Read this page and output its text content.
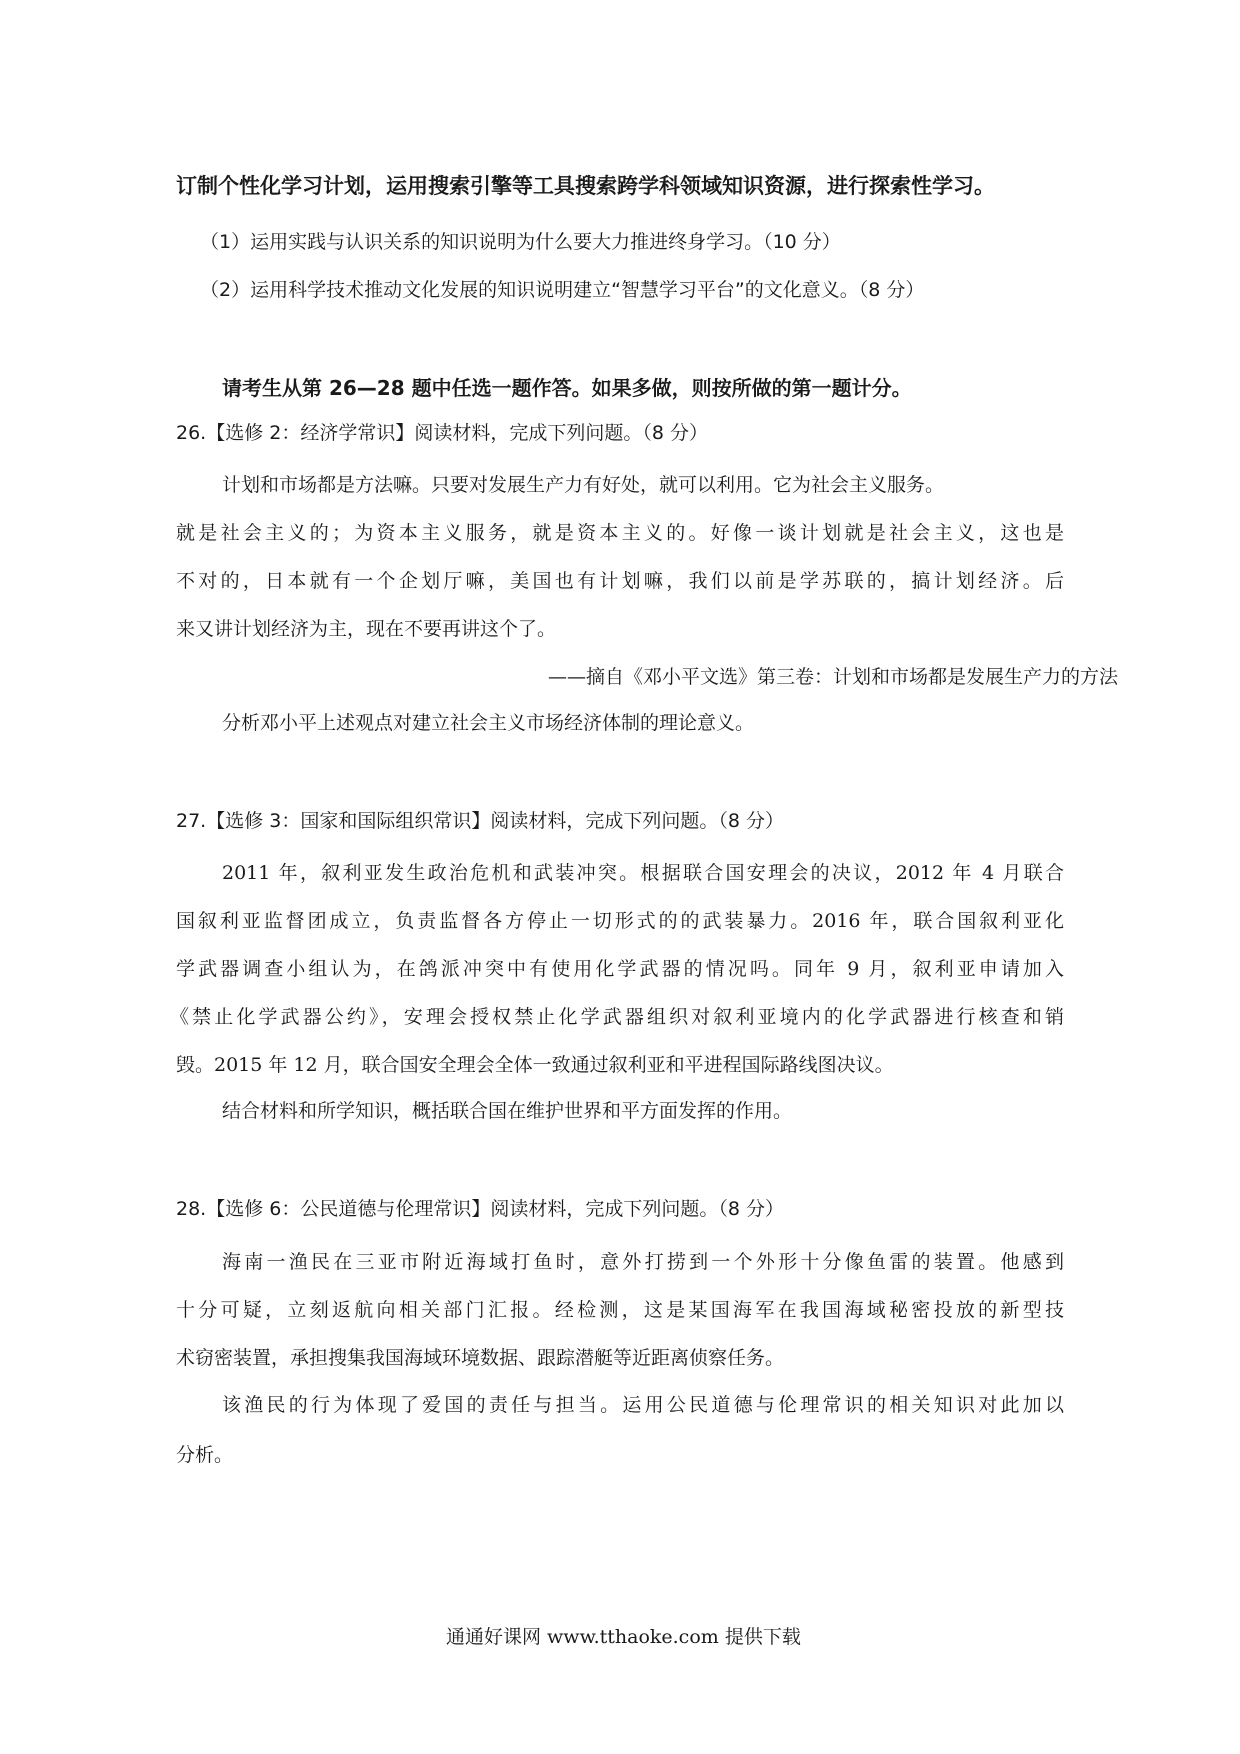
订制个性化学习计划，运用搜索引擎等工具搜索跨学科领域知识资源，进行探索性学习。
（1）运用实践与认识关系的知识说明为什么要大力推进终身学习。（10 分）
（2）运用科学技术推动文化发展的知识说明建立“智慧学习平台”的文化意义。（8 分）
请考生从第 26—28 题中任选一题作答。如果多做，则按所做的第一题计分。
26.【选修 2：经济学常识】阅读材料，完成下列问题。（8 分）
计划和市场都是方法嘛。只要对发展生产力有好处，就可以利用。它为社会主义服务。
就是社会主义的；为资本主义服务，就是资本主义的。好像一谈计划就是社会主义，这也是
不对的，日本就有一个企划厅嘛，美国也有计划嘛，我们以前是学苏联的，搞计划经济。后
来又讲计划经济为主，现在不要再讲这个了。
——摘自《邓小平文选》第三卷：计划和市场都是发展生产力的方法
分析邓小平上述观点对建立社会主义市场经济体制的理论意义。
27.【选修 3：国家和国际组织常识】阅读材料，完成下列问题。（8 分）
2011 年，叙利亚发生政治危机和武装冲突。根据联合国安理会的决议，2012 年 4 月联合
国叙利亚监督团成立，负责监督各方停止一切形式的的武装暴力。2016 年，联合国叙利亚化
学武器调查小组认为，在鸽派冲突中有使用化学武器的情况吗。同年 9 月，叙利亚申请加入
《禁止化学武器公约》，安理会授权禁止化学武器组织对叙利亚境内的化学武器进行核查和销
毁。2015 年 12 月，联合国安全理会全体一致通过叙利亚和平进程国际路线图决议。
结合材料和所学知识，概括联合国在维护世界和平方面发挥的作用。
28.【选修 6：公民道德与伦理常识】阅读材料，完成下列问题。（8 分）
海南一渔民在三亚市附近海域打鱼时，意外打捞到一个外形十分像鱼雷的装置。他感到
十分可疑，立刻返航向相关部门汇报。经检测，这是某国海军在我国海域秘密投放的新型技
术窃密装置，承担搜集我国海域环境数据、跟踪潜艇等近距离侦察任务。
该渔民的行为体现了爱国的责任与担当。运用公民道德与伦理常识的相关知识对此加以
分析。
通通好课网 www.tthaoke.com 提供下载
